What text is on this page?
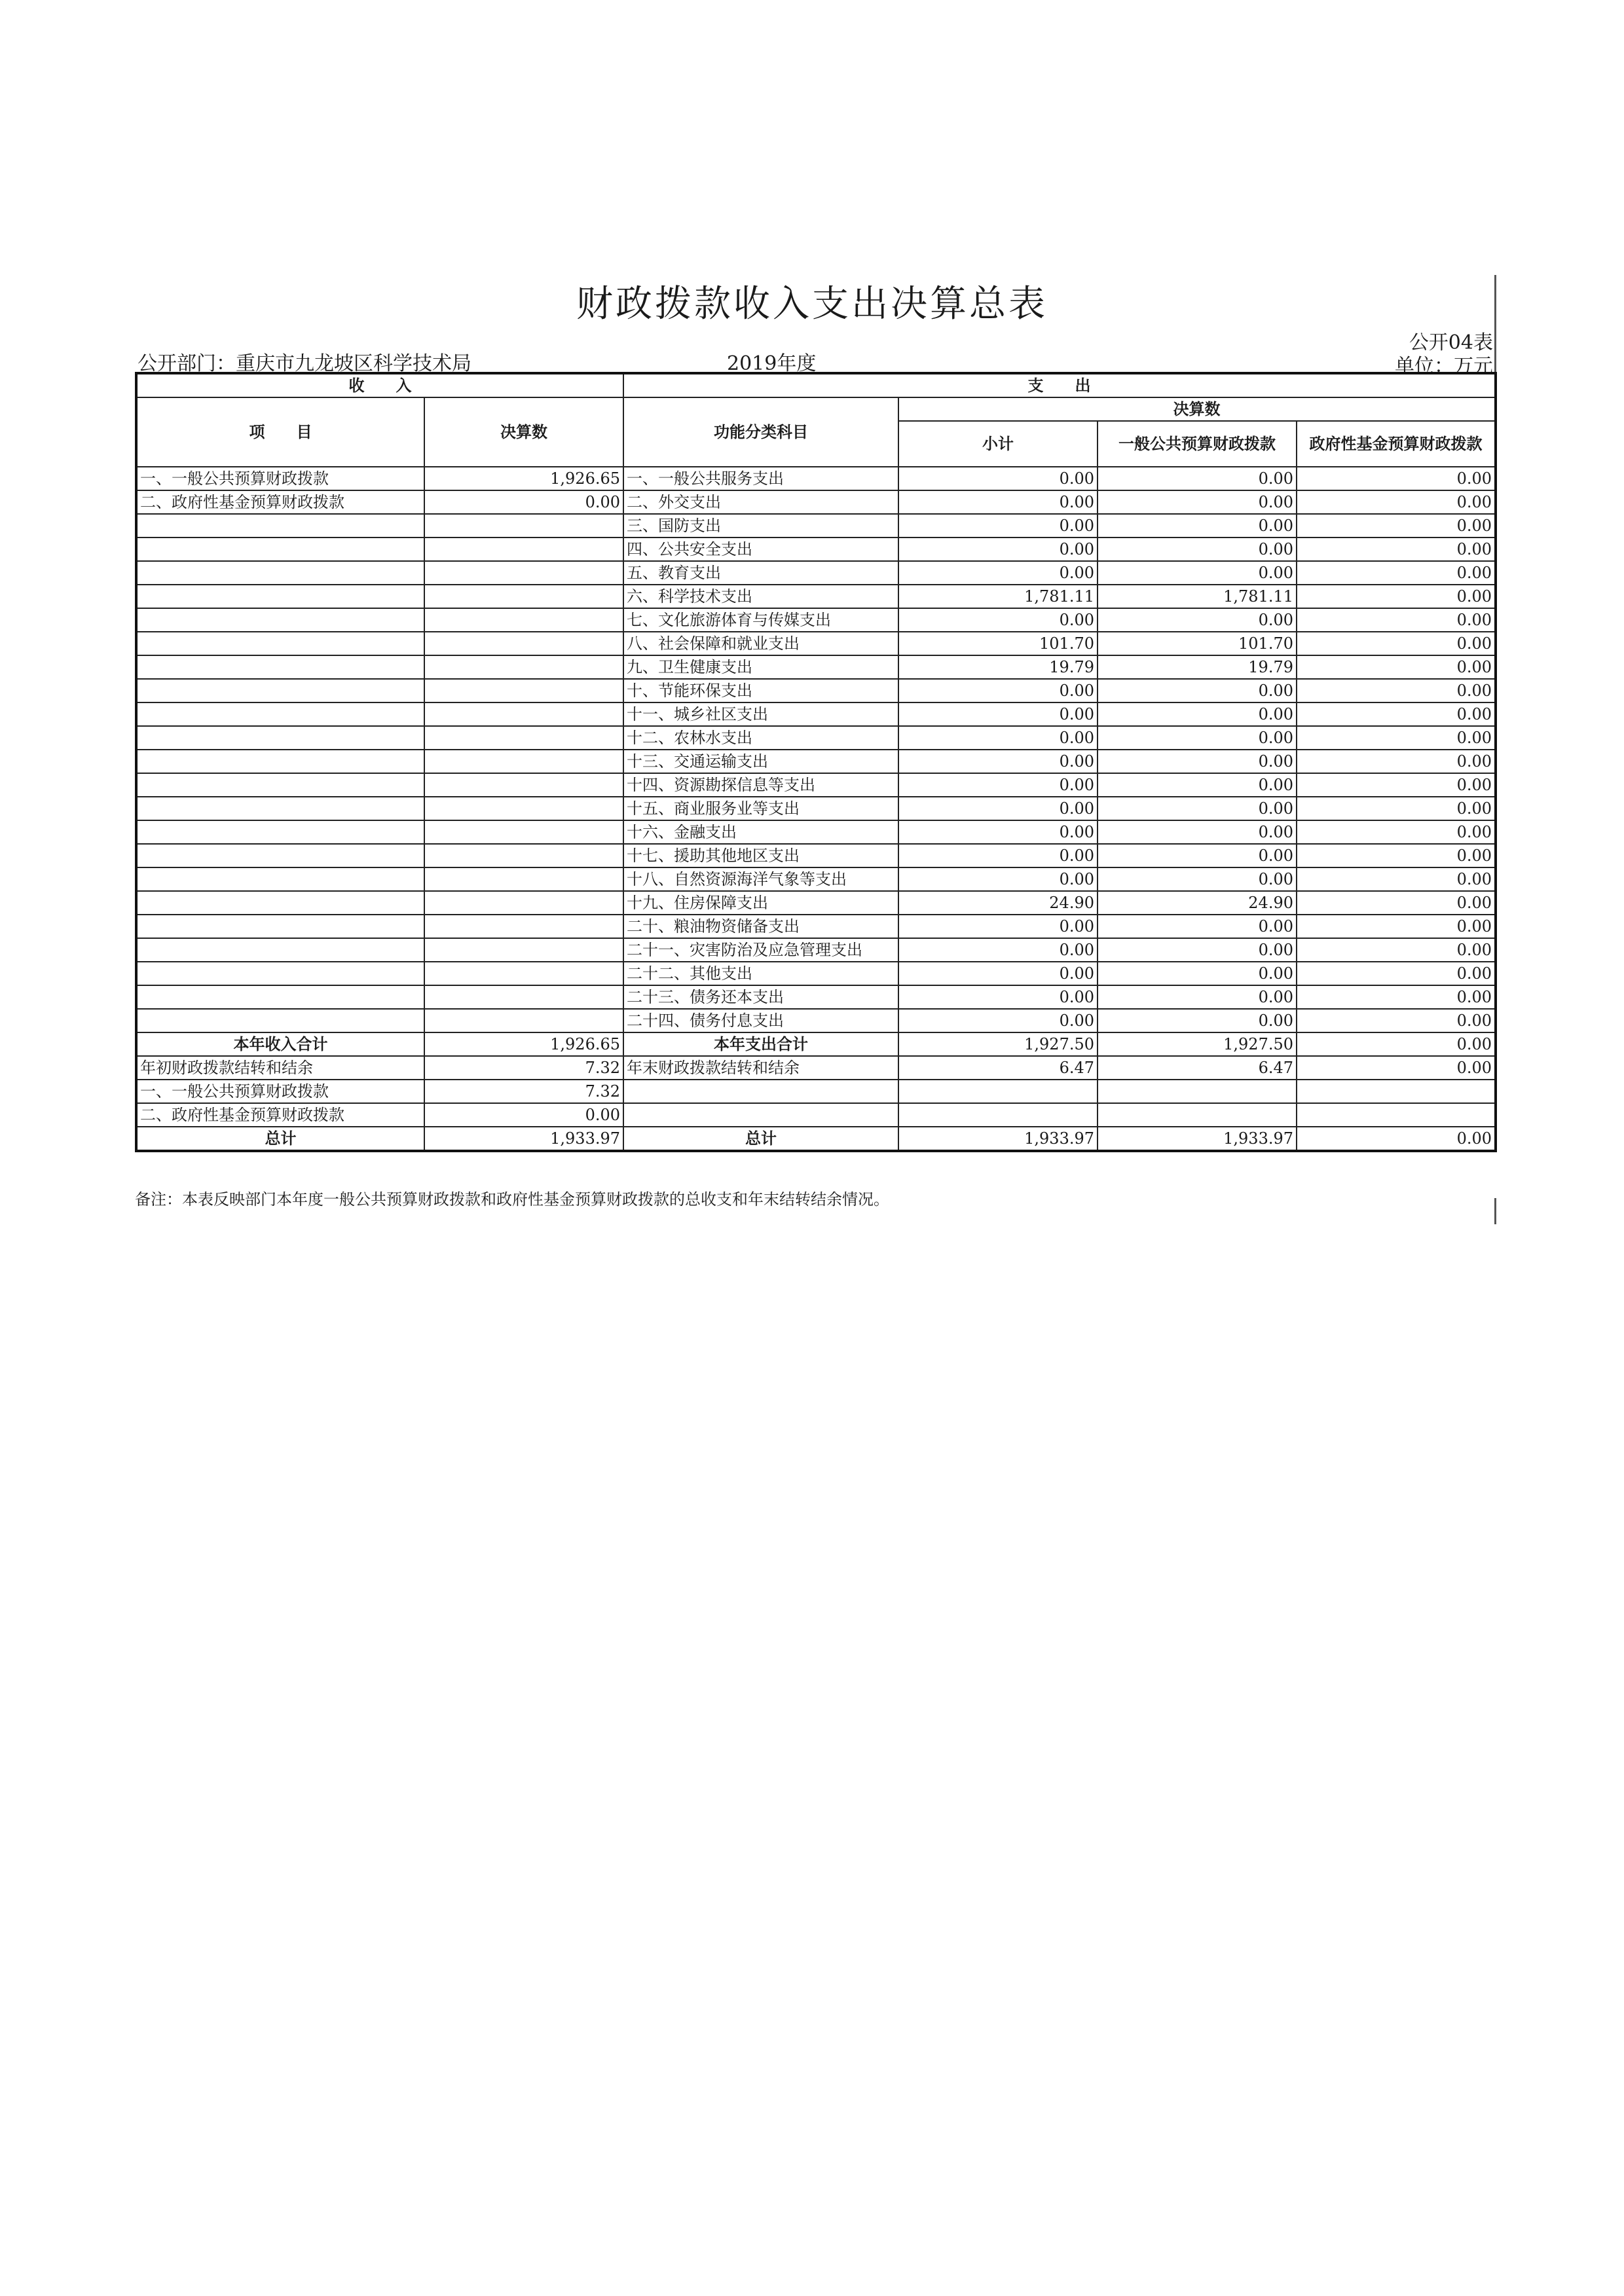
财政拨款收入支出决算总表
公开04表
单位：万元
公开部门：重庆市九龙坡区科学技术局	2019年度
收　　入		支　　出			
项　　目	决算数	功能分类科目	决算数		
			小计	一般公共预算财政拨款	政府性基金预算财政拨款
一、一般公共预算财政拨款	1,926.65	一、一般公共服务支出	0.00	0.00	0.00
二、政府性基金预算财政拨款	0.00	二、外交支出	0.00	0.00	0.00
		三、国防支出	0.00	0.00	0.00
		四、公共安全支出	0.00	0.00	0.00
		五、教育支出	0.00	0.00	0.00
		六、科学技术支出	1,781.11	1,781.11	0.00
		七、文化旅游体育与传媒支出	0.00	0.00	0.00
		八、社会保障和就业支出	101.70	101.70	0.00
		九、卫生健康支出	19.79	19.79	0.00
		十、节能环保支出	0.00	0.00	0.00
		十一、城乡社区支出	0.00	0.00	0.00
		十二、农林水支出	0.00	0.00	0.00
		十三、交通运输支出	0.00	0.00	0.00
		十四、资源勘探信息等支出	0.00	0.00	0.00
		十五、商业服务业等支出	0.00	0.00	0.00
		十六、金融支出	0.00	0.00	0.00
		十七、援助其他地区支出	0.00	0.00	0.00
		十八、自然资源海洋气象等支出	0.00	0.00	0.00
		十九、住房保障支出	24.90	24.90	0.00
		二十、粮油物资储备支出	0.00	0.00	0.00
		二十一、灾害防治及应急管理支出	0.00	0.00	0.00
		二十二、其他支出	0.00	0.00	0.00
		二十三、债务还本支出	0.00	0.00	0.00
		二十四、债务付息支出	0.00	0.00	0.00
本年收入合计	1,926.65	本年支出合计	1,927.50	1,927.50	0.00
年初财政拨款结转和结余	7.32	年末财政拨款结转和结余	6.47	6.47	0.00
一、一般公共预算财政拨款	7.32				
二、政府性基金预算财政拨款	0.00				
总计	1,933.97	总计	1,933.97	1,933.97	0.00
备注：本表反映部门本年度一般公共预算财政拨款和政府性基金预算财政拨款的总收支和年末结转结余情况。
